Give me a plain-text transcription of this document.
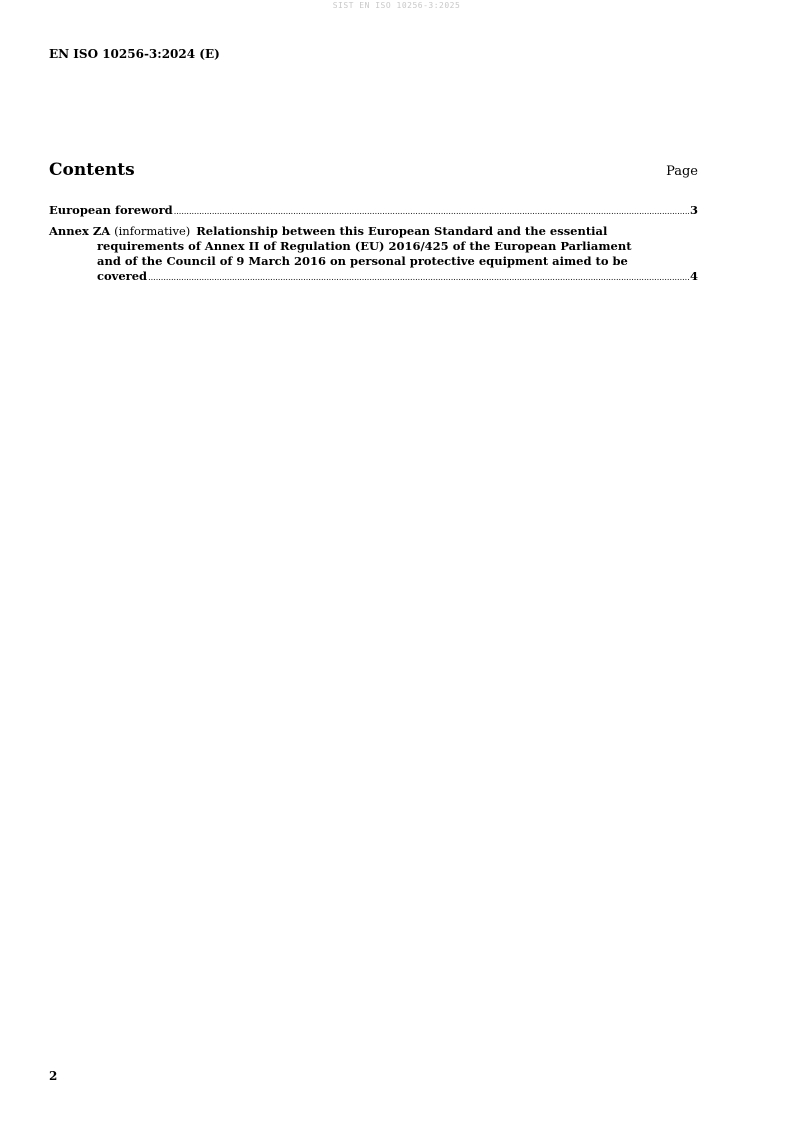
SIST EN ISO 10256-3:2025
EN ISO 10256-3:2024 (E)
Contents	Page
European foreword .....	3
Annex ZA (informative) Relationship between this European Standard and the essential
requirements of Annex II of Regulation (EU) 2016/425 of the European Parliament
and of the Council of 9 March 2016 on personal protective equipment aimed to be
covered .....	4
2
